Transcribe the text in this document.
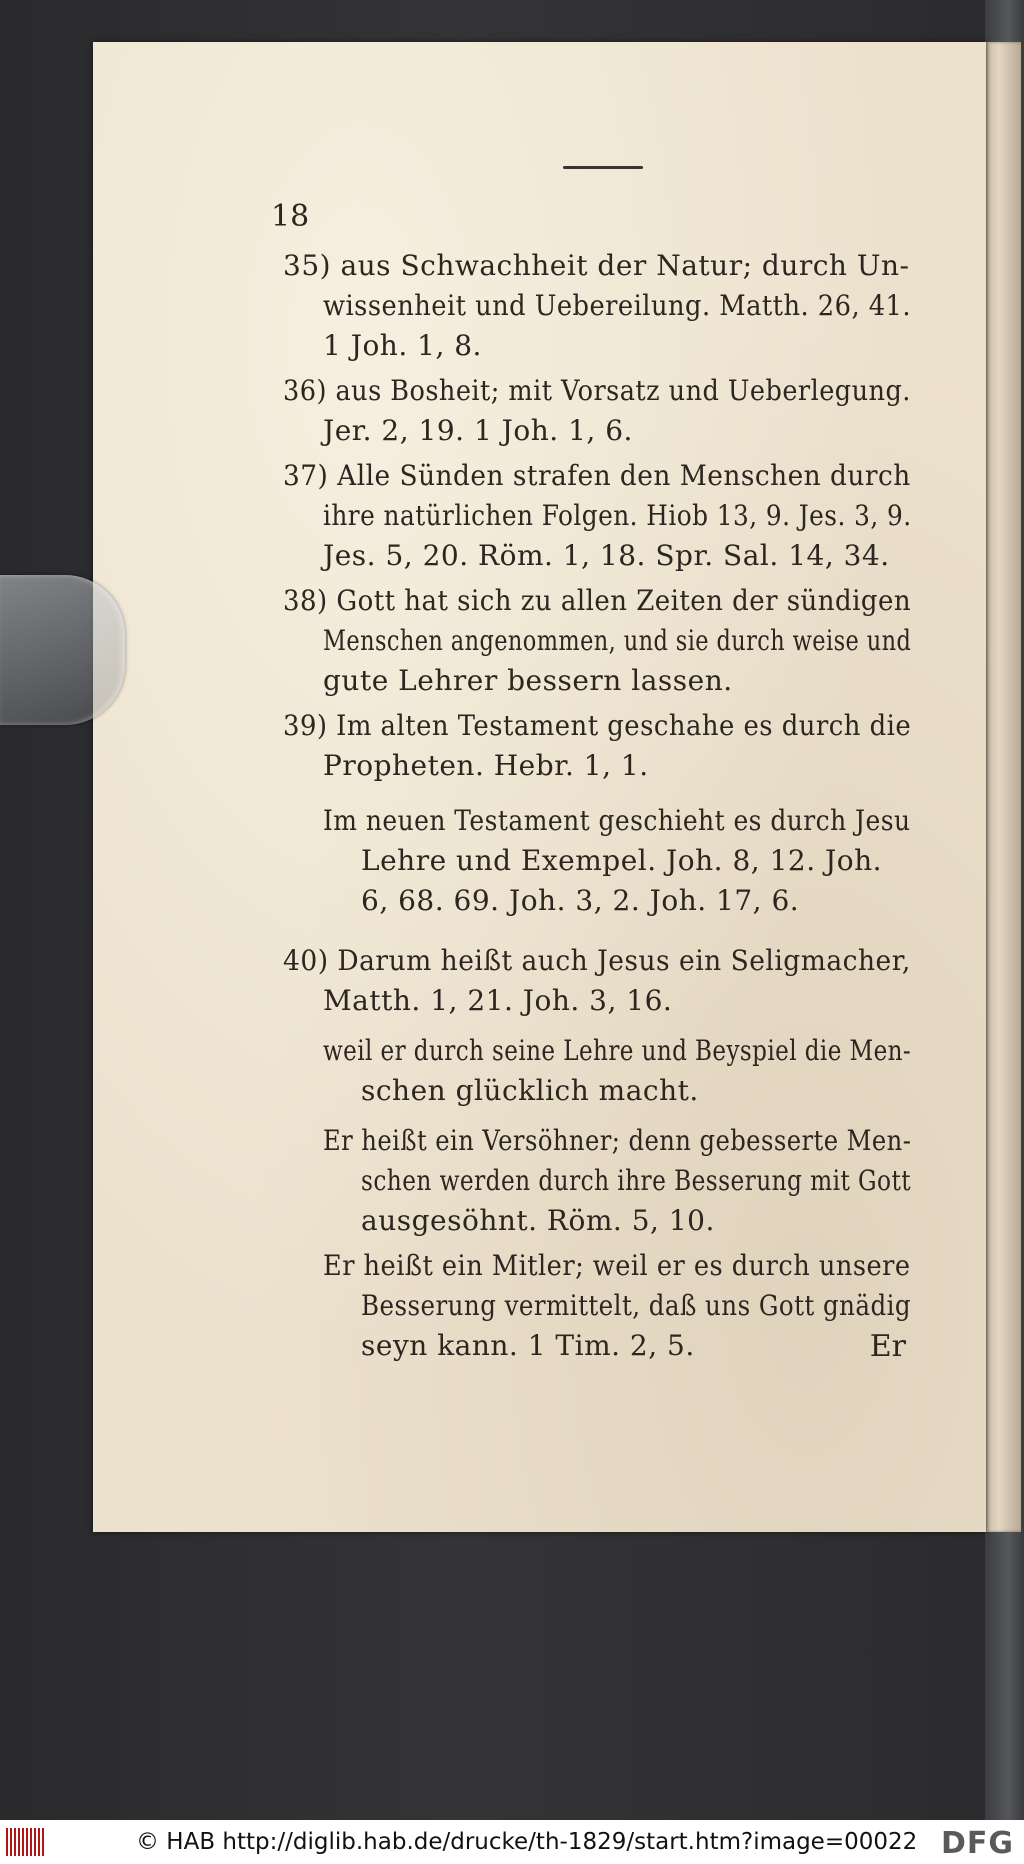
18
35) aus Schwachheit der Natur; durch Un-
wissenheit und Uebereilung. Matth. 26, 41.
1 Joh. 1, 8.
36) aus Bosheit; mit Vorsatz und Ueberlegung.
Jer. 2, 19. 1 Joh. 1, 6.
37) Alle Sünden strafen den Menschen durch
ihre natürlichen Folgen. Hiob 13, 9. Jes. 3, 9.
Jes. 5, 20. Röm. 1, 18. Spr. Sal. 14, 34.
38) Gott hat sich zu allen Zeiten der sündigen
Menschen angenommen, und sie durch weise und
gute Lehrer bessern lassen.
39) Im alten Testament geschahe es durch die
Propheten. Hebr. 1, 1.
Im neuen Testament geschieht es durch Jesu
Lehre und Exempel. Joh. 8, 12. Joh.
6, 68. 69. Joh. 3, 2. Joh. 17, 6.
40) Darum heißt auch Jesus ein Seligmacher,
Matth. 1, 21. Joh. 3, 16.
weil er durch seine Lehre und Beyspiel die Men-
schen glücklich macht.
Er heißt ein Versöhner; denn gebesserte Men-
schen werden durch ihre Besserung mit Gott
ausgesöhnt. Röm. 5, 10.
Er heißt ein Mitler; weil er es durch unsere
Besserung vermittelt, daß uns Gott gnädig
seyn kann. 1 Tim. 2, 5.	Er
© HAB http://diglib.hab.de/drucke/th-1829/start.htm?image=00022 DFG
